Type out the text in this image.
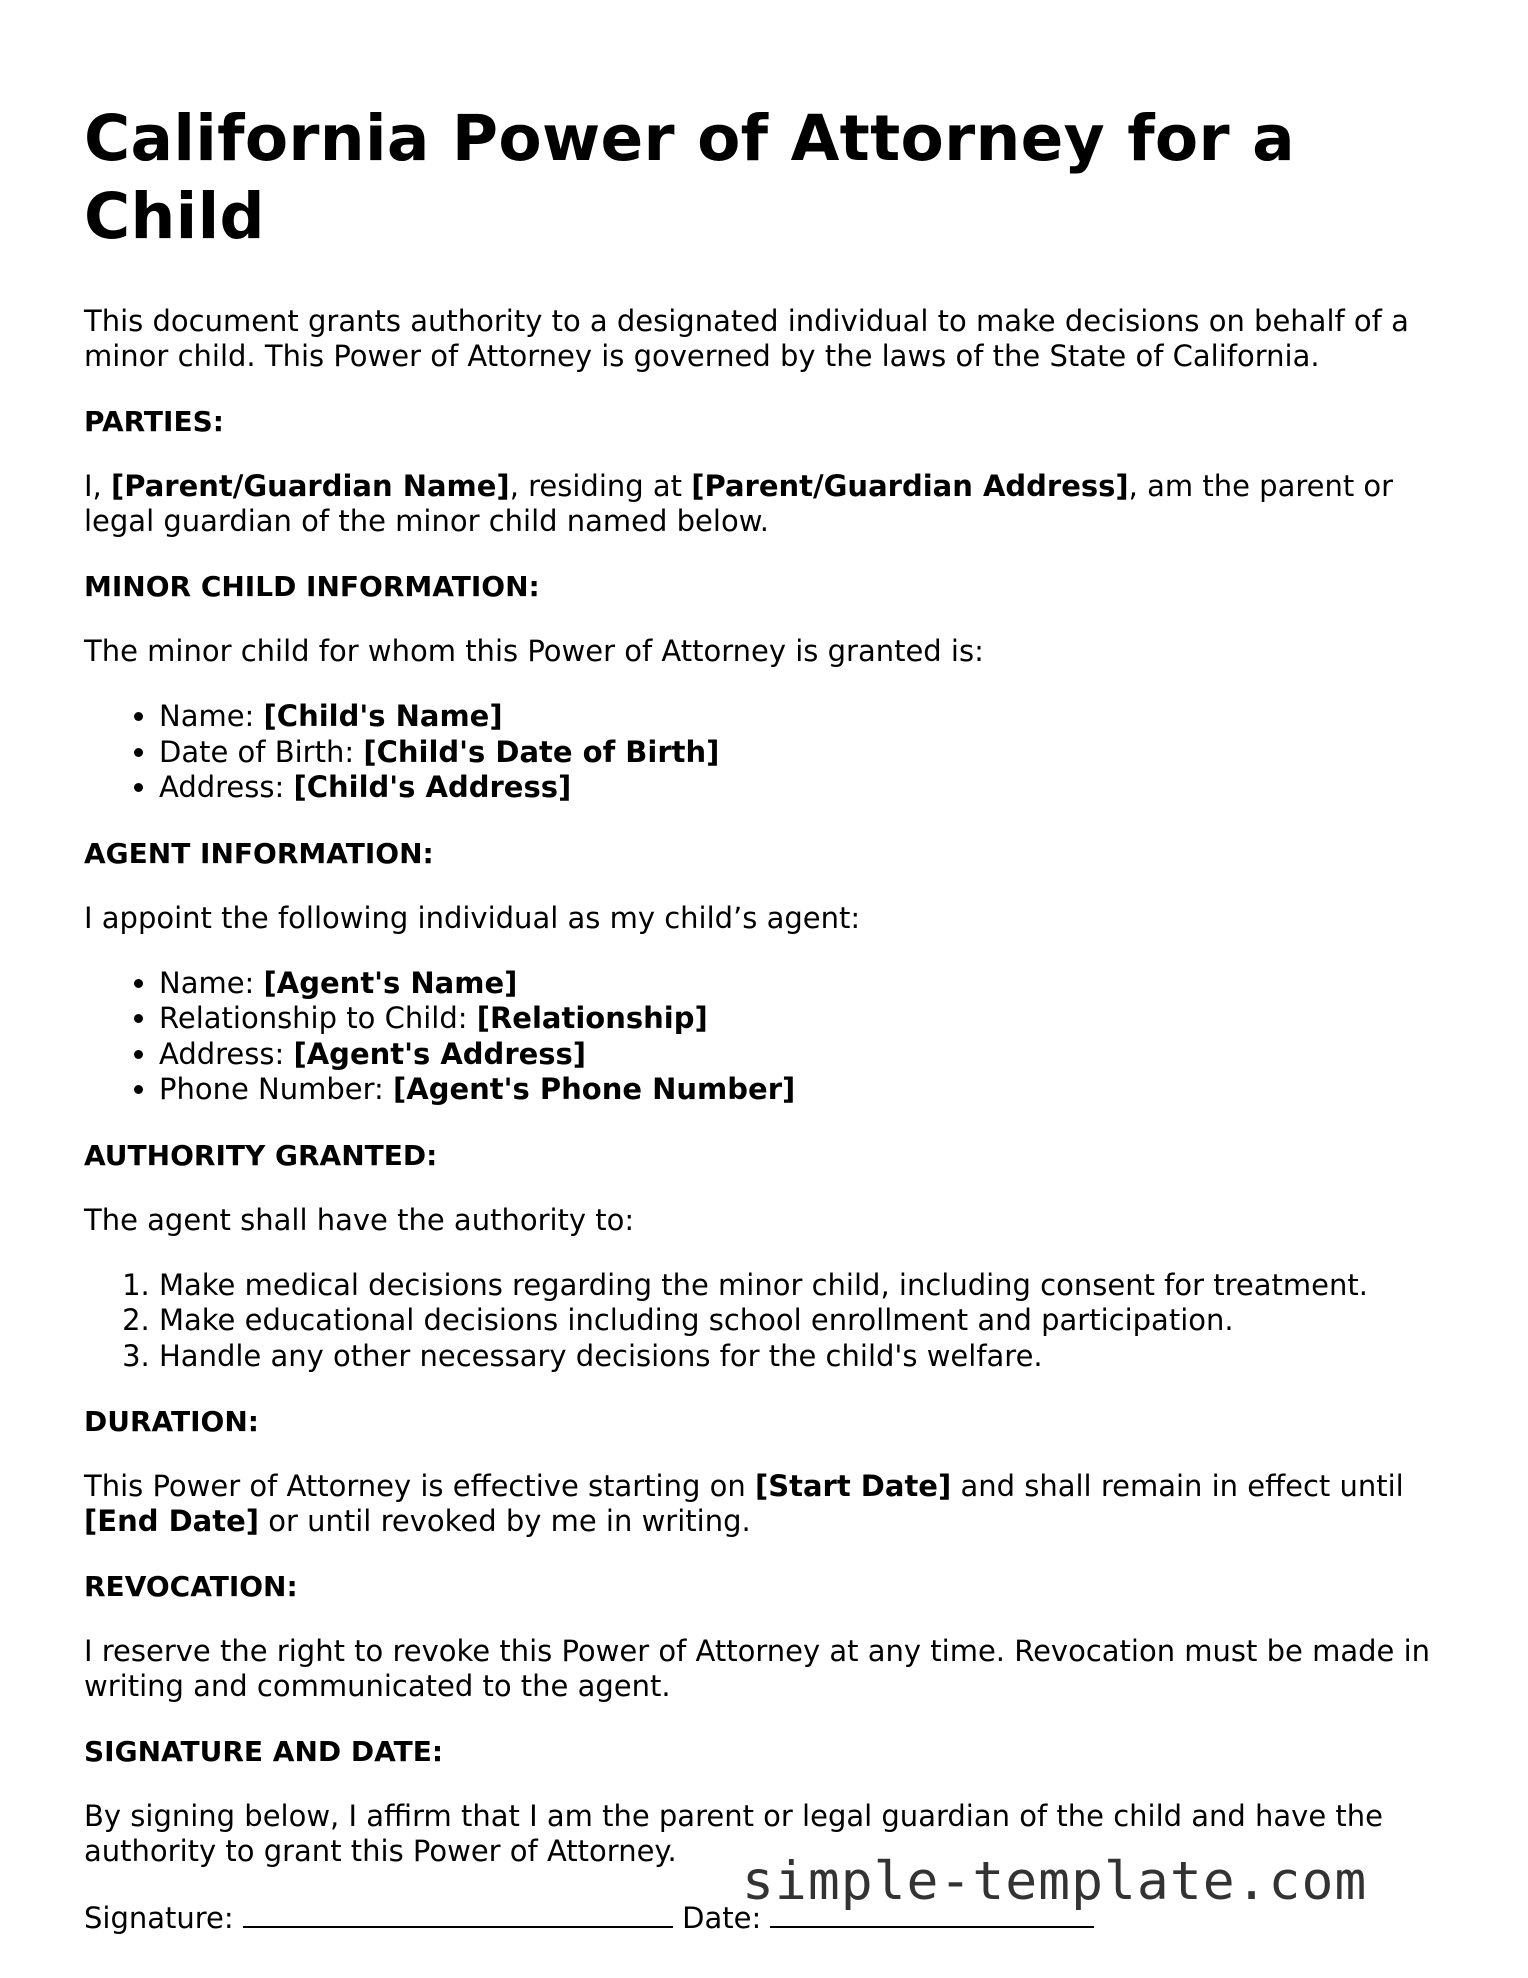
California Power of Attorney for a Child

This document grants authority to a designated individual to make decisions on behalf of a minor child. This Power of Attorney is governed by the laws of the State of California.

PARTIES:

I, [Parent/Guardian Name], residing at [Parent/Guardian Address], am the parent or legal guardian of the minor child named below.

MINOR CHILD INFORMATION:

The minor child for whom this Power of Attorney is granted is:

• Name: [Child's Name]
• Date of Birth: [Child's Date of Birth]
• Address: [Child's Address]
AGENT INFORMATION:

I appoint the following individual as my child’s agent:

• Name: [Agent's Name]
• Relationship to Child: [Relationship]
• Address: [Agent's Address]
• Phone Number: [Agent's Phone Number]
AUTHORITY GRANTED:

The agent shall have the authority to:

1. Make medical decisions regarding the minor child, including consent for treatment.
2. Make educational decisions including school enrollment and participation.
3. Handle any other necessary decisions for the child's welfare.
DURATION:

This Power of Attorney is effective starting on [Start Date] and shall remain in effect until [End Date] or until revoked by me in writing.

REVOCATION:

I reserve the right to revoke this Power of Attorney at any time. Revocation must be made in writing and communicated to the agent.

SIGNATURE AND DATE:

By signing below, I affirm that I am the parent or legal guardian of the child and have the authority to grant this Power of Attorney.

Signature:	Date:
simple-template.com
